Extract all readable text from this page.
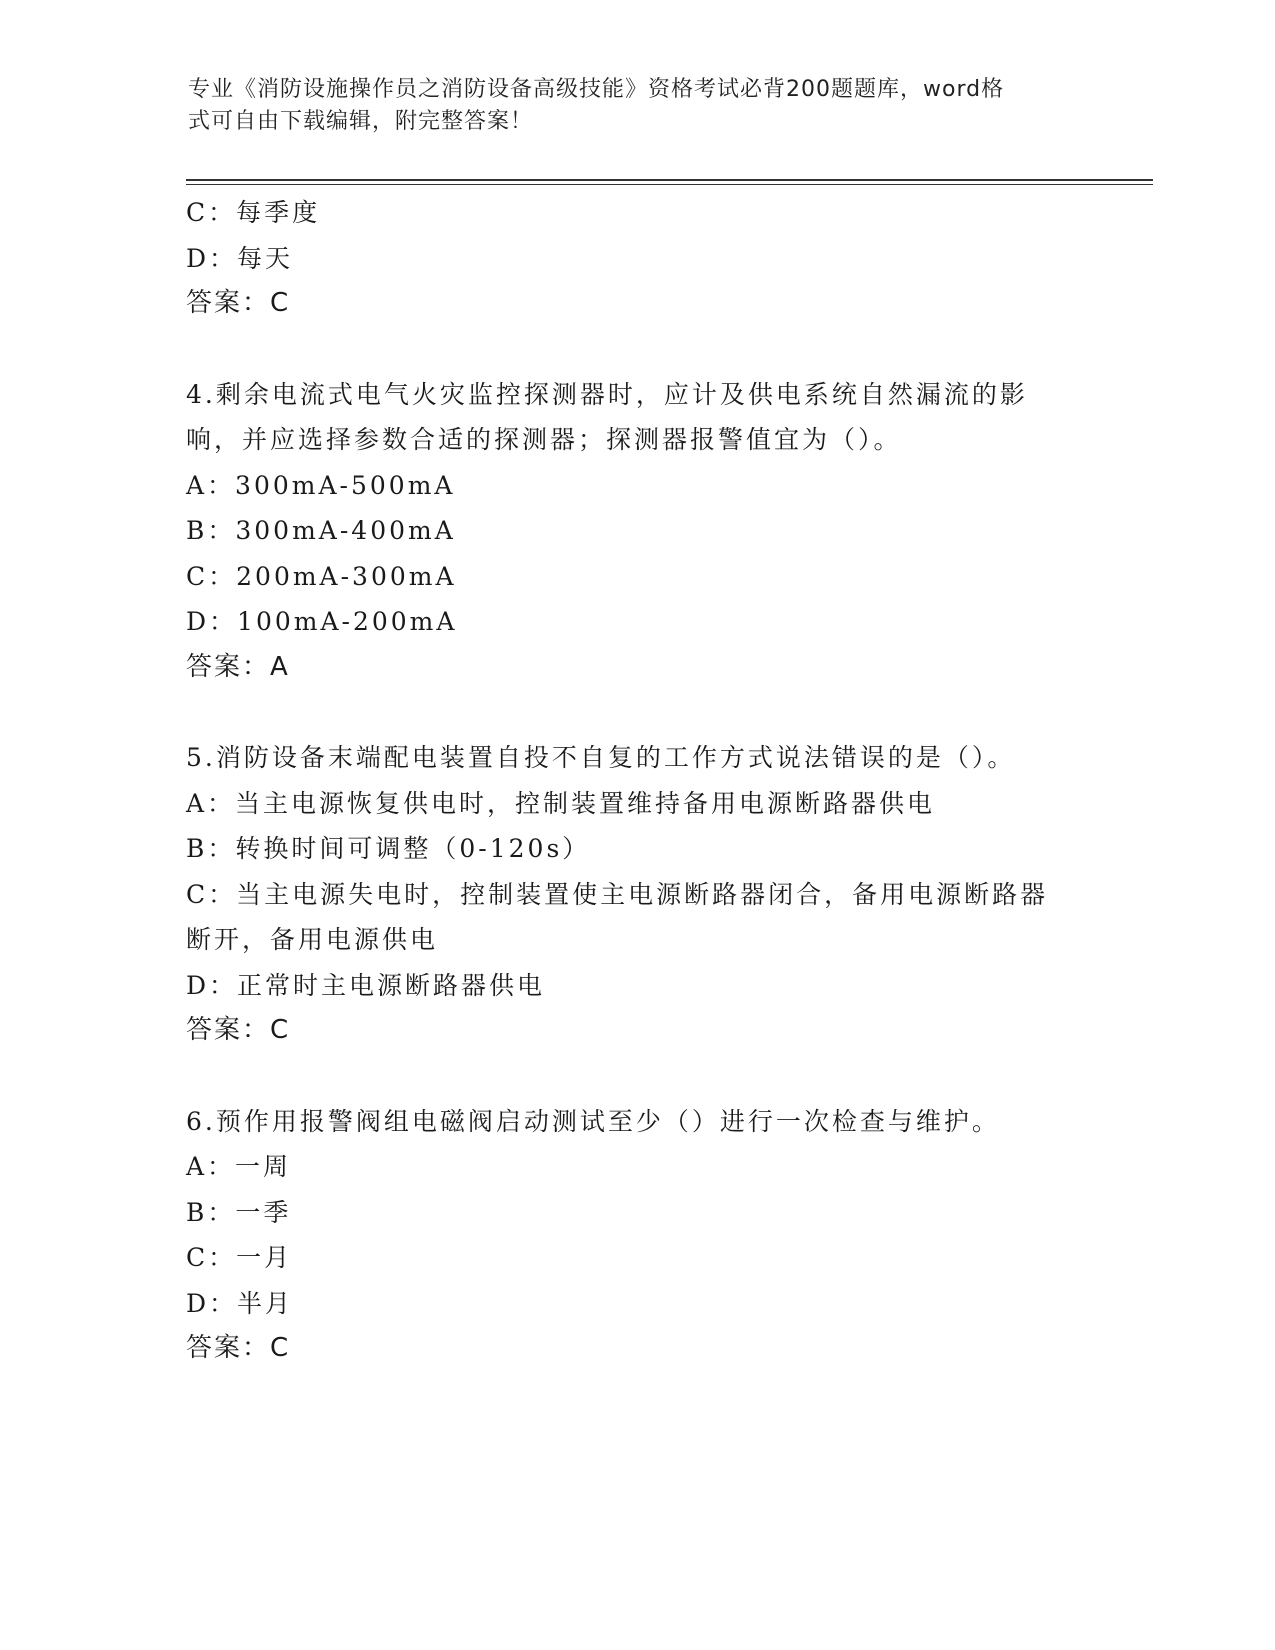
专业《消防设施操作员之消防设备高级技能》资格考试必背200题题库，word格
式可自由下载编辑，附完整答案！
C：每季度
D：每天
答案：C
4.剩余电流式电气火灾监控探测器时，应计及供电系统自然漏流的影
响，并应选择参数合适的探测器；探测器报警值宜为（）。
A：300mA-500mA
B：300mA-400mA
C：200mA-300mA
D：100mA-200mA
答案：A
5.消防设备末端配电装置自投不自复的工作方式说法错误的是（）。
A：当主电源恢复供电时，控制装置维持备用电源断路器供电
B：转换时间可调整（0-120s）
C：当主电源失电时，控制装置使主电源断路器闭合，备用电源断路器
断开，备用电源供电
D：正常时主电源断路器供电
答案：C
6.预作用报警阀组电磁阀启动测试至少（）进行一次检查与维护。
A：一周
B：一季
C：一月
D：半月
答案：C
